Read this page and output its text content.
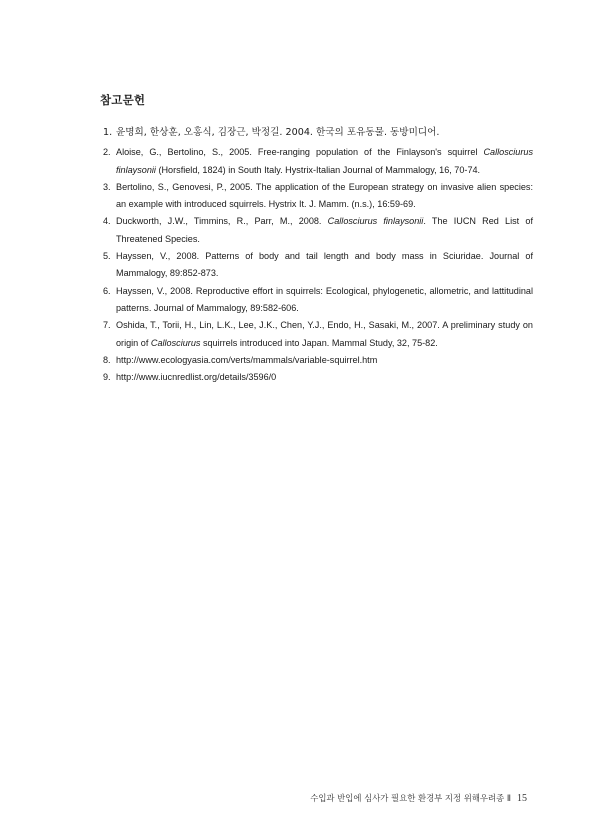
참고문헌
1. 윤명희, 한상훈, 오홍식, 김장근, 박정길. 2004. 한국의 포유동물. 동방미디어.
2. Aloise, G., Bertolino, S., 2005. Free-ranging population of the Finlayson's squirrel Callosciurus finlaysonii (Horsfield, 1824) in South Italy. Hystrix-Italian Journal of Mammalogy, 16, 70-74.
3. Bertolino, S., Genovesi, P., 2005. The application of the European strategy on invasive alien species: an example with introduced squirrels. Hystrix It. J. Mamm. (n.s.), 16:59-69.
4. Duckworth, J.W., Timmins, R., Parr, M., 2008. Callosciurus finlaysonii. The IUCN Red List of Threatened Species.
5. Hayssen, V., 2008. Patterns of body and tail length and body mass in Sciuridae. Journal of Mammalogy, 89:852-873.
6. Hayssen, V., 2008. Reproductive effort in squirrels: Ecological, phylogenetic, allometric, and lattitudinal patterns. Journal of Mammalogy, 89:582-606.
7. Oshida, T., Torii, H., Lin, L.K., Lee, J.K., Chen, Y.J., Endo, H., Sasaki, M., 2007. A preliminary study on origin of Callosciurus squirrels introduced into Japan. Mammal Study, 32, 75-82.
8. http://www.ecologyasia.com/verts/mammals/variable-squirrel.htm
9. http://www.iucnredlist.org/details/3596/0
수입과 반입에 심사가 필요한 환경부 지정 위해우려종 Ⅱ 15
